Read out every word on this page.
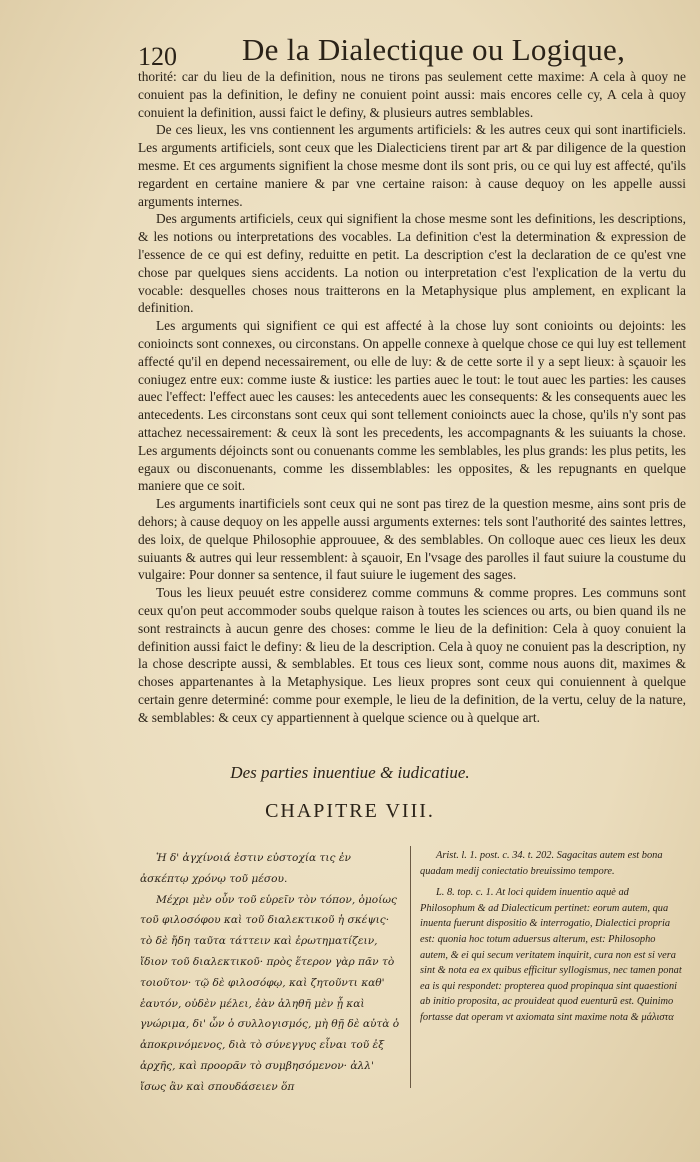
120 De la Dialectique ou Logique,

thorité: car du lieu de la definition, nous ne tirons pas seulement cette maxime: A cela à quoy ne conuient pas la definition, le definy ne conuient point aussi: mais encores celle cy, A cela à quoy conuient la definition, aussi faict le definy, & plusieurs autres semblables.

De ces lieux, les vns contiennent les arguments artificiels: & les autres ceux qui sont inartificiels. Les arguments artificiels, sont ceux que les Dialecticiens tirent par art & par diligence de la question mesme. Et ces arguments signifient la chose mesme dont ils sont pris, ou ce qui luy est affecté, qu'ils regardent en certaine maniere & par vne certaine raison: à cause dequoy on les appelle aussi arguments internes.

Des arguments artificiels, ceux qui signifient la chose mesme sont les definitions, les descriptions, & les notions ou interpretations des vocables. La definition c'est la determination & expression de l'essence de ce qui est definy, reduitte en petit. La description c'est la declaration de ce qu'est vne chose par quelques siens accidents. La notion ou interpretation c'est l'explication de la vertu du vocable: desquelles choses nous traitterons en la Metaphysique plus amplement, en explicant la definition.

Les arguments qui signifient ce qui est affecté à la chose luy sont conioints ou dejoints: les conioincts sont connexes, ou circonstans. On appelle connexe à quelque chose ce qui luy est tellement affecté qu'il en depend necessairement, ou elle de luy: & de cette sorte il y a sept lieux: à sçauoir les coniugez entre eux: comme iuste & iustice: les parties auec le tout: le tout auec les parties: les causes auec l'effect: l'effect auec les causes: les antecedents auec les consequents: & les consequents auec les antecedents. Les circonstans sont ceux qui sont tellement conioincts auec la chose, qu'ils n'y sont pas attachez necessairement: & ceux là sont les precedents, les accompagnants & les suiuants la chose. Les arguments déjoincts sont ou conuenants comme les semblables, les plus grands: les plus petits, les egaux ou disconuenants, comme les dissemblables: les opposites, & les repugnants en quelque maniere que ce soit.

Les arguments inartificiels sont ceux qui ne sont pas tirez de la question mesme, ains sont pris de dehors; à cause dequoy on les appelle aussi arguments externes: tels sont l'authorité des saintes lettres, des loix, de quelque Philosophie approuuee, & des semblables. On colloque auec ces lieux les deux suiuants & autres qui leur ressemblent: à sçauoir, En l'vsage des parolles il faut suiure la coustume du vulgaire: Pour donner sa sentence, il faut suiure le iugement des sages.

Tous les lieux peuuét estre considerez comme communs & comme propres. Les communs sont ceux qu'on peut accommoder soubs quelque raison à toutes les sciences ou arts, ou bien quand ils ne sont restraincts à aucun genre des choses: comme le lieu de la definition: Cela à quoy conuient la definition aussi faict le definy: & lieu de la description. Cela à quoy ne conuient pas la description, ny la chose descripte aussi, & semblables. Et tous ces lieux sont, comme nous auons dit, maximes & choses appartenantes à la Metaphysique. Les lieux propres sont ceux qui conuiennent à quelque certain genre determiné: comme pour exemple, le lieu de la definition, de la vertu, celuy de la nature, & semblables: & ceux cy appartiennent à quelque science ou à quelque art.

Des parties inuentiue & iudicatiue.
CHAPITRE VIII.

Ἡ δ' ἀγχίνοιά ἐστιν εὐστοχία τις ἐν ἀσκέπτῳ χρόνῳ τοῦ μέσου.

Μέχρι μὲν οὖν τοῦ εὑρεῖν τὸν τόπον, ὁμοίως τοῦ φιλοσόφου καὶ τοῦ διαλεκτικοῦ ἡ σκέψις· τὸ δὲ ἤδη ταῦτα τάττειν καὶ ἐρωτηματίζειν, ἴδιον τοῦ διαλεκτικοῦ· πρὸς ἕτερον γὰρ πᾶν τὸ τοιοῦτον· τῷ δὲ φιλοσόφῳ, καὶ ζητοῦντι καθ' ἑαυτόν, οὐδὲν μέλει, ἐὰν ἀληθῆ μὲν ᾖ καὶ γνώριμα, δι' ὧν ὁ συλλογισμός, μὴ θῇ δὲ αὐτὰ ὁ ἀποκρινόμενος, διὰ τὸ σύνεγγυς εἶναι τοῦ ἐξ ἀρχῆς, καὶ προορᾶν τὸ συμβησόμενον· ἀλλ' ἴσως ἂν καὶ σπουδάσειεν ὅπ

Arist. l. 1. post. c. 34. t. 202. Sagacitas autem est bona quadam medij coniectatio breuissimo tempore.

L. 8. top. c. 1. At loci quidem inuentio aquè ad Philosophum & ad Dialecticum pertinet: eorum autem, qua inuenta fuerunt dispositio & interrogatio, Dialectici propria est: quonia hoc totum aduersus alterum, est: Philosopho autem, & ei qui secum veritatem inquirit, cura non est si vera sint & nota ea ex quibus efficitur syllogismus, nec tamen ponat ea is qui respondet: propterea quod propinqua sint quaestioni ab initio proposita, ac prouideat quod euenturũ est. Quinimo fortasse dat operam vt axiomata sint maxime nota & μάλιστα
